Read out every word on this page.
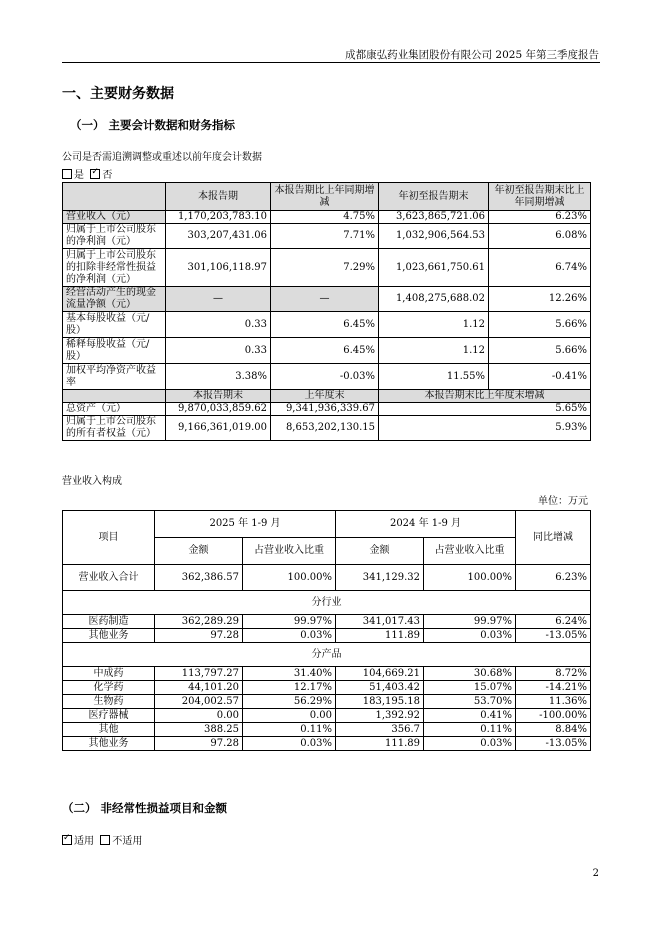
成都康弘药业集团股份有限公司 2025 年第三季度报告
一、主要财务数据
（一） 主要会计数据和财务指标
公司是否需追溯调整或重述以前年度会计数据
是 ✓ 否
	本报告期	本报告期比上年同期增减	年初至报告期末	年初至报告期末比上年同期增减
营业收入（元）	1,170,203,783.10	4.75%	3,623,865,721.06	6.23%
归属于上市公司股东的净利润（元）	303,207,431.06	7.71%	1,032,906,564.53	6.08%
归属于上市公司股东的扣除非经常性损益的净利润（元）	301,106,118.97	7.29%	1,023,661,750.61	6.74%
经营活动产生的现金流量净额（元）	—	—	1,408,275,688.02	12.26%
基本每股收益（元/股）	0.33	6.45%	1.12	5.66%
稀释每股收益（元/股）	0.33	6.45%	1.12	5.66%
加权平均净资产收益率	3.38%	-0.03%	11.55%	-0.41%
	本报告期末	上年度末	本报告期末比上年度末增减	
总资产（元）	9,870,033,859.62	9,341,936,339.67	5.65%	
归属于上市公司股东的所有者权益（元）	9,166,361,019.00	8,653,202,130.15	5.93%	
营业收入构成
单位：万元
项目	2025 年 1-9 月		2024 年 1-9 月		同比增减
	金额	占营业收入比重	金额	占营业收入比重	
营业收入合计	362,386.57	100.00%	341,129.32	100.00%	6.23%
分行业					
医药制造	362,289.29	99.97%	341,017.43	99.97%	6.24%
其他业务	97.28	0.03%	111.89	0.03%	-13.05%
分产品					
中成药	113,797.27	31.40%	104,669.21	30.68%	8.72%
化学药	44,101.20	12.17%	51,403.42	15.07%	-14.21%
生物药	204,002.57	56.29%	183,195.18	53.70%	11.36%
医疗器械	0.00	0.00	1,392.92	0.41%	-100.00%
其他	388.25	0.11%	356.7	0.11%	8.84%
其他业务	97.28	0.03%	111.89	0.03%	-13.05%
（二） 非经常性损益项目和金额
✓适用 不适用
2
